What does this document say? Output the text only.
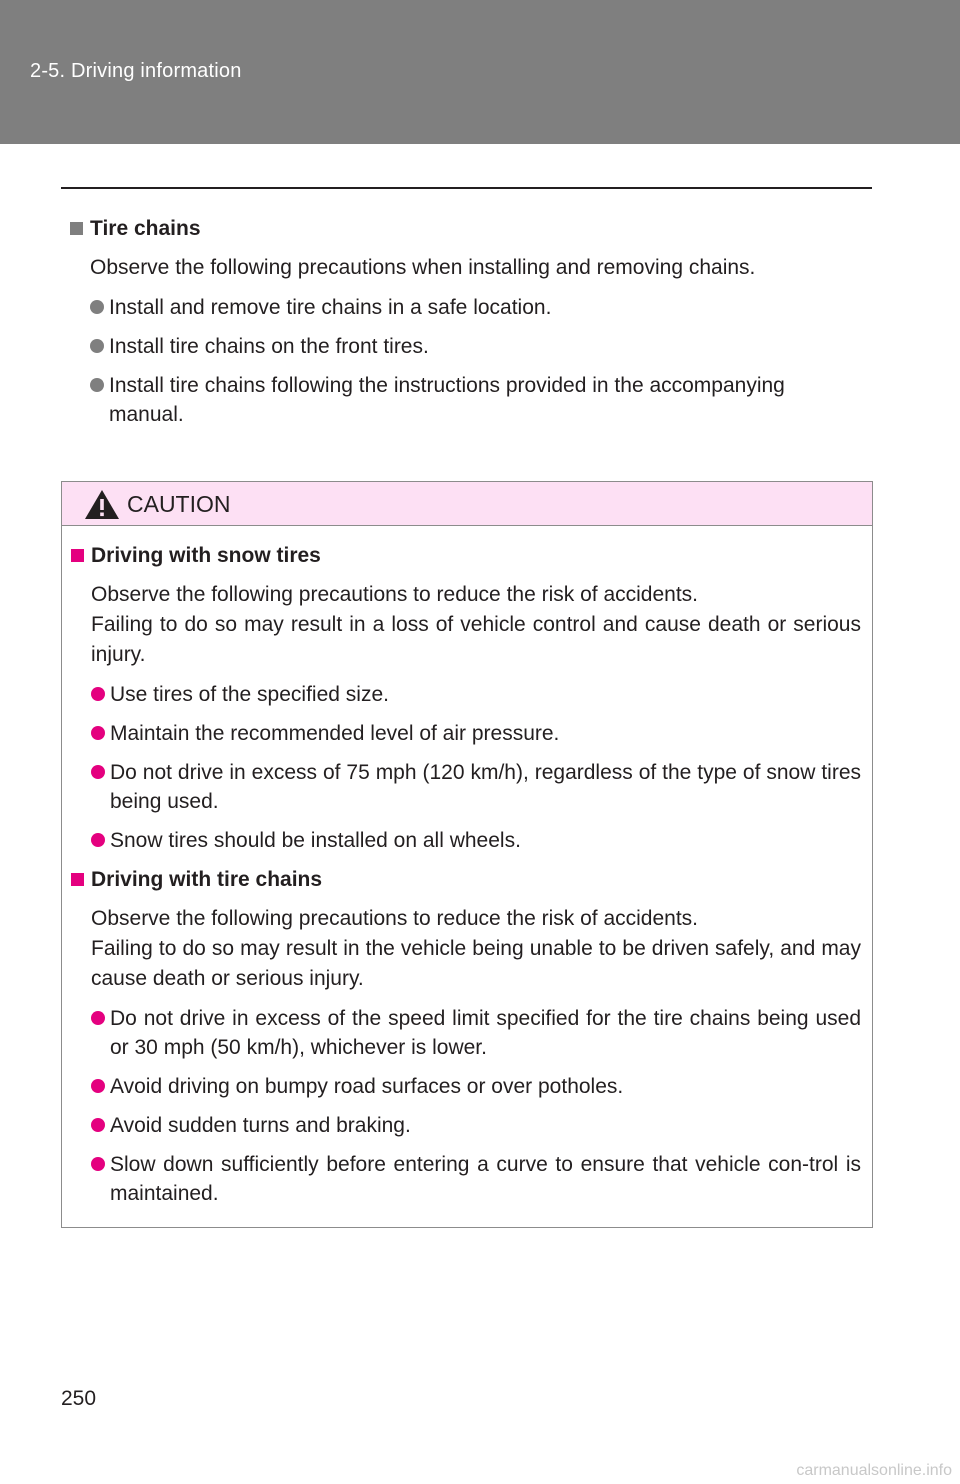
2-5. Driving information
Tire chains
Observe the following precautions when installing and removing chains.
Install and remove tire chains in a safe location.
Install tire chains on the front tires.
Install tire chains following the instructions provided in the accompanying manual.
CAUTION
Driving with snow tires
Observe the following precautions to reduce the risk of accidents.
Failing to do so may result in a loss of vehicle control and cause death or serious injury.
Use tires of the specified size.
Maintain the recommended level of air pressure.
Do not drive in excess of 75 mph (120 km/h), regardless of the type of snow tires being used.
Snow tires should be installed on all wheels.
Driving with tire chains
Observe the following precautions to reduce the risk of accidents.
Failing to do so may result in the vehicle being unable to be driven safely, and may cause death or serious injury.
Do not drive in excess of the speed limit specified for the tire chains being used or 30 mph (50 km/h), whichever is lower.
Avoid driving on bumpy road surfaces or over potholes.
Avoid sudden turns and braking.
Slow down sufficiently before entering a curve to ensure that vehicle con-trol is maintained.
250
carmanualsonline.info
